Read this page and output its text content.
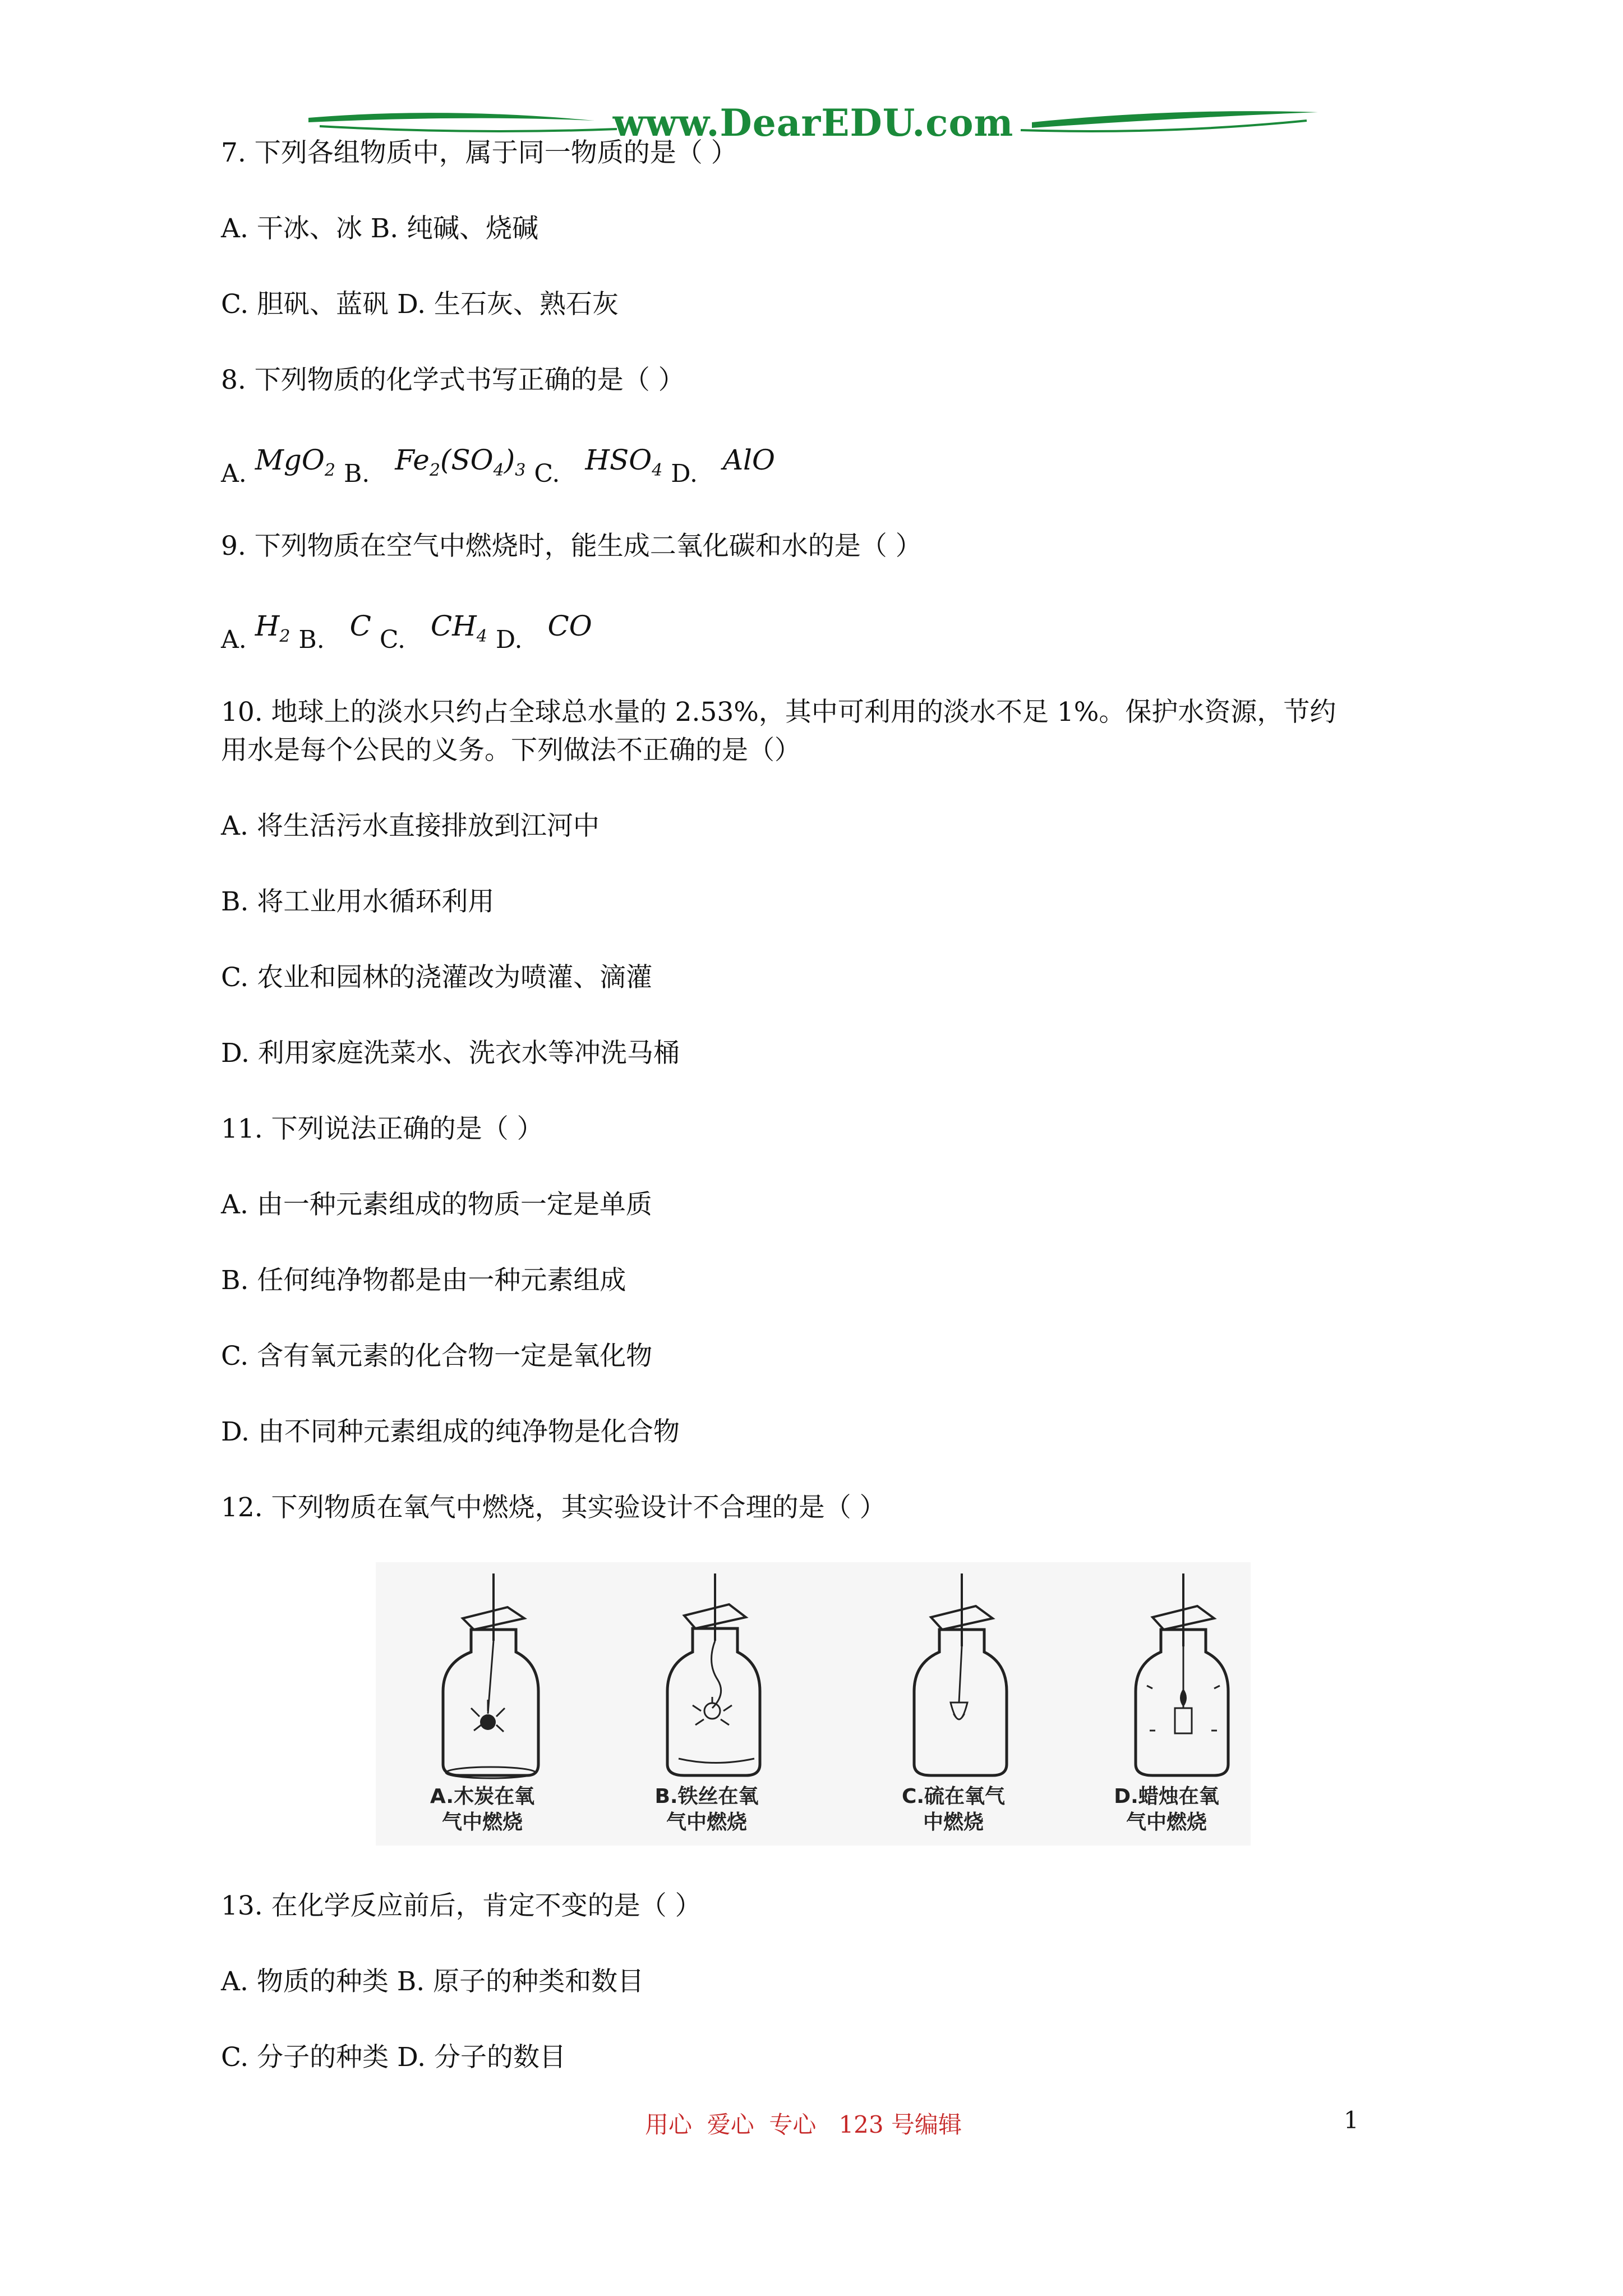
www.DearEDU.com
7. 下列各组物质中，属于同一物质的是（ ）
A. 干冰、冰 B. 纯碱、烧碱
C. 胆矾、蓝矾 D. 生石灰、熟石灰
8. 下列物质的化学式书写正确的是（ ）
A. MgO$_2$ B. $Fe_2(SO_4)_3$ C. $HSO_4$ D. AlO
9. 下列物质在空气中燃烧时，能生成二氧化碳和水的是（ ）
A. $H_2$ B. C C. $CH_4$ D. CO
10. 地球上的淡水只约占全球总水量的 2.53%，其中可利用的淡水不足 1%。保护水资源，节约
用水是每个公民的义务。下列做法不正确的是（）
A. 将生活污水直接排放到江河中
B. 将工业用水循环利用
C. 农业和园林的浇灌改为喷灌、滴灌
D. 利用家庭洗菜水、洗衣水等冲洗马桶
11. 下列说法正确的是（ ）
A. 由一种元素组成的物质一定是单质
B. 任何纯净物都是由一种元素组成
C. 含有氧元素的化合物一定是氧化物
D. 由不同种元素组成的纯净物是化合物
12. 下列物质在氧气中燃烧，其实验设计不合理的是（ ）
A.木炭在氧
气中燃烧
B.铁丝在氧
气中燃烧
C.硫在氧气
中燃烧
D.蜡烛在氧
气中燃烧
13. 在化学反应前后，肯定不变的是（ ）
A. 物质的种类 B. 原子的种类和数目
C. 分子的种类 D. 分子的数目
用心  爱心  专心   123 号编辑	1
